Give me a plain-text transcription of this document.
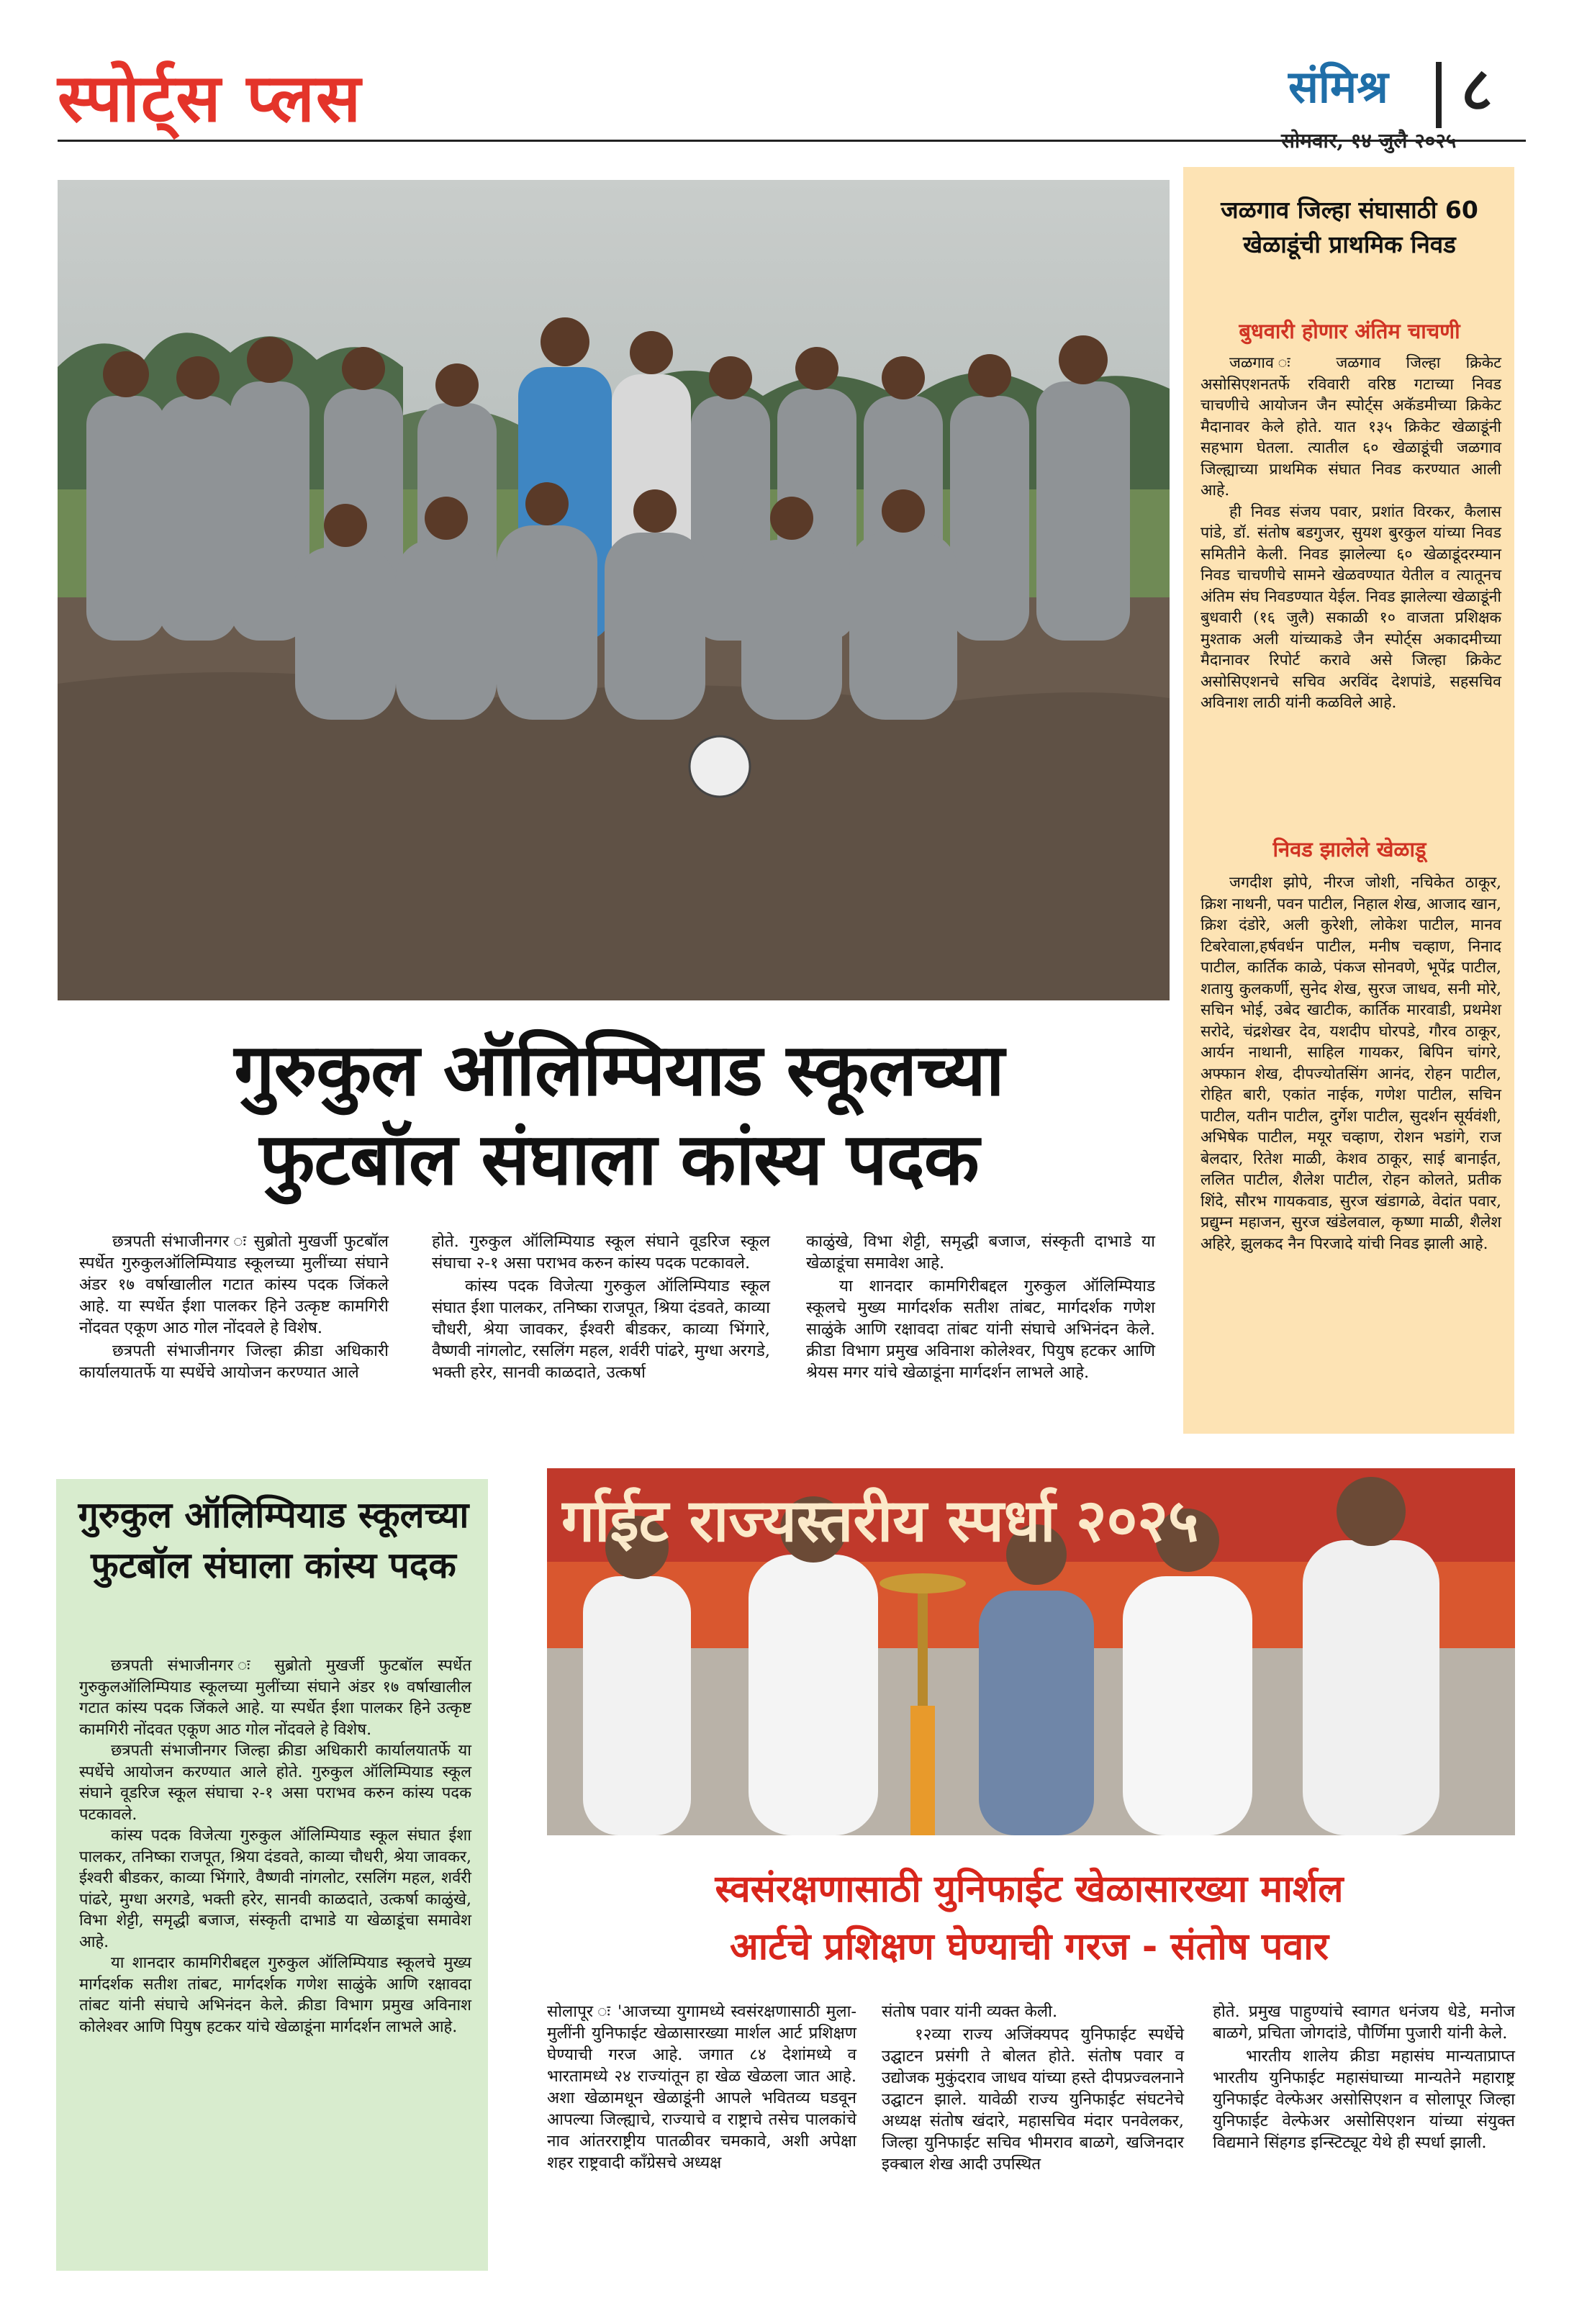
स्पोर्ट्‌स प्लस	संमिश्र ८
सोमवार, १४ जुलै २०२५
गुरुकुल ऑलिम्पियाड स्कूलच्या
फुटबॉल संघाला कांस्य पदक

छत्रपती संभाजीनगर ः सुब्रोतो मुखर्जी फुटबॉल स्पर्धेत गुरुकुलऑलिम्पियाड स्कूलच्या मुलींच्या संघाने अंडर १७ वर्षाखालील गटात कांस्य पदक जिंकले आहे. या स्पर्धेत ईशा पालकर हिने उत्कृष्ट कामगिरी नोंदवत एकूण आठ गोल नोंदवले हे विशेष.

छत्रपती संभाजीनगर जिल्हा क्रीडा अधिकारी कार्यालयातर्फे या स्पर्धेचे आयोजन करण्यात आले

होते. गुरुकुल ऑलिम्पियाड स्कूल संघाने वूडरिज स्कूल संघाचा २-१ असा पराभव करुन कांस्य पदक पटकावले.

कांस्य पदक विजेत्या गुरुकुल ऑलिम्पियाड स्कूल संघात ईशा पालकर, तनिष्का राजपूत, श्रिया दंडवते, काव्या चौधरी, श्रेया जावकर, ईश्वरी बीडकर, काव्या भिंगारे, वैष्णवी नांगलोट, रसलिंग महल, शर्वरी पांढरे, मुग्धा अरगडे, भक्ती हरेर, सानवी काळदाते, उत्कर्षा

काळुंखे, विभा शेट्टी, समृद्धी बजाज, संस्कृती दाभाडे या खेळाडूंचा समावेश आहे.

या शानदार कामगिरीबद्दल गुरुकुल ऑलिम्पियाड स्कूलचे मुख्य मार्गदर्शक सतीश तांबट, मार्गदर्शक गणेश साळुंके आणि रक्षावदा तांबट यांनी संघाचे अभिनंदन केले. क्रीडा विभाग प्रमुख अविनाश कोलेश्वर, पियुष हटकर आणि श्रेयस मगर यांचे खेळाडूंना मार्गदर्शन लाभले आहे.

जळगाव जिल्हा संघासाठी 60 खेळाडूंची प्राथमिक निवड
बुधवारी होणार अंतिम चाचणी

जळगाव ः जळगाव जिल्हा क्रिकेट असोसिएशनतर्फे रविवारी वरिष्ठ गटाच्या निवड चाचणीचे आयोजन जैन स्पोर्ट्स अकॅडमीच्या क्रिकेट मैदानावर केले होते. यात १३५ क्रिकेट खेळाडूंनी सहभाग घेतला. त्यातील ६० खेळाडूंची जळगाव जिल्ह्याच्या प्राथमिक संघात निवड करण्यात आली आहे.

ही निवड संजय पवार, प्रशांत विरकर, कैलास पांडे, डॉ. संतोष बडगुजर, सुयश बुरकुल यांच्या निवड समितीने केली. निवड झालेल्या ६० खेळाडूंदरम्यान निवड चाचणीचे सामने खेळवण्यात येतील व त्यातूनच अंतिम संघ निवडण्यात येईल. निवड झालेल्या खेळाडूंनी बुधवारी (१६ जुलै) सकाळी १० वाजता प्रशिक्षक मुश्ताक अली यांच्याकडे जैन स्पोर्ट्स अकादमीच्या मैदानावर रिपोर्ट करावे असे जिल्हा क्रिकेट असोसिएशनचे सचिव अरविंद देशपांडे, सहसचिव अविनाश लाठी यांनी कळविले आहे.

निवड झालेले खेळाडू

जगदीश झोपे, नीरज जोशी, नचिकेत ठाकूर, क्रिश नाथनी, पवन पाटील, निहाल शेख, आजाद खान, क्रिश दंडोरे, अली कुरेशी, लोकेश पाटील, मानव टिबरेवाला,हर्षवर्धन पाटील, मनीष चव्हाण, निनाद पाटील, कार्तिक काळे, पंकज सोनवणे, भूपेंद्र पाटील, शतायु कुलकर्णी, सुनेद शेख, सुरज जाधव, सनी मोरे, सचिन भोई, उबेद खाटीक, कार्तिक मारवाडी, प्रथमेश सरोदे, चंद्रशेखर देव, यशदीप घोरपडे, गौरव ठाकूर, आर्यन नाथानी, साहिल गायकर, बिपिन चांगरे, अफ्फान शेख, दीपज्योतसिंग आनंद, रोहन पाटील, रोहित बारी, एकांत नाईक, गणेश पाटील, सचिन पाटील, यतीन पाटील, दुर्गेश पाटील, सुदर्शन सूर्यवंशी, अभिषेक पाटील, मयूर चव्हाण, रोशन भडांगे, राज बेलदार, रितेश माळी, केशव ठाकूर, साई बानाईत, ललित पाटील, शैलेश पाटील, रोहन कोलते, प्रतीक शिंदे, सौरभ गायकवाड, सुरज खंडागळे, वेदांत पवार, प्रद्युम्न महाजन, सुरज खंडेलवाल, कृष्णा माळी, शैलेश अहिरे, झुलकद नैन पिरजादे यांची निवड झाली आहे.

गुरुकुल ऑलिम्पियाड स्कूलच्या फुटबॉल संघाला कांस्य पदक

छत्रपती संभाजीनगर ः सुब्रोतो मुखर्जी फुटबॉल स्पर्धेत गुरुकुलऑलिम्पियाड स्कूलच्या मुलींच्या संघाने अंडर १७ वर्षाखालील गटात कांस्य पदक जिंकले आहे. या स्पर्धेत ईशा पालकर हिने उत्कृष्ट कामगिरी नोंदवत एकूण आठ गोल नोंदवले हे विशेष.

छत्रपती संभाजीनगर जिल्हा क्रीडा अधिकारी कार्यालयातर्फे या स्पर्धेचे आयोजन करण्यात आले होते. गुरुकुल ऑलिम्पियाड स्कूल संघाने वूडरिज स्कूल संघाचा २-१ असा पराभव करुन कांस्य पदक पटकावले.

कांस्य पदक विजेत्या गुरुकुल ऑलिम्पियाड स्कूल संघात ईशा पालकर, तनिष्का राजपूत, श्रिया दंडवते, काव्या चौधरी, श्रेया जावकर, ईश्वरी बीडकर, काव्या भिंगारे, वैष्णवी नांगलोट, रसलिंग महल, शर्वरी पांढरे, मुग्धा अरगडे, भक्ती हरेर, सानवी काळदाते, उत्कर्षा काळुंखे, विभा शेट्टी, समृद्धी बजाज, संस्कृती दाभाडे या खेळाडूंचा समावेश आहे.

या शानदार कामगिरीबद्दल गुरुकुल ऑलिम्पियाड स्कूलचे मुख्य मार्गदर्शक सतीश तांबट, मार्गदर्शक गणेश साळुंके आणि रक्षावदा तांबट यांनी संघाचे अभिनंदन केले. क्रीडा विभाग प्रमुख अविनाश कोलेश्वर आणि पियुष हटकर यांचे खेळाडूंना मार्गदर्शन लाभले आहे.

र्गाईट राज्यस्तरीय स्पर्धा २०२५
स्वसंरक्षणासाठी युनिफाईट खेळासारख्या मार्शल
आर्टचे प्रशिक्षण घेण्याची गरज - संतोष पवार

सोलापूर ः 'आजच्या युगामध्ये स्वसंरक्षणासाठी मुला-मुलींनी युनिफाईट खेळासारख्या मार्शल आर्ट प्रशिक्षण घेण्याची गरज आहे. जगात ८४ देशांमध्ये व भारतामध्ये २४ राज्यांतून हा खेळ खेळला जात आहे. अशा खेळामधून खेळाडूंनी आपले भवितव्य घडवून आपल्या जिल्ह्याचे, राज्याचे व राष्ट्राचे तसेच पालकांचे नाव आंतरराष्ट्रीय पातळीवर चमकावे, अशी अपेक्षा शहर राष्ट्रवादी काँग्रेसचे अध्यक्ष

संतोष पवार यांनी व्यक्त केली.

१२व्या राज्य अजिंक्यपद युनिफाईट स्पर्धेचे उद्घाटन प्रसंगी ते बोलत होते. संतोष पवार व उद्योजक मुकुंदराव जाधव यांच्या हस्ते दीपप्रज्वलनाने उद्घाटन झाले. यावेळी राज्य युनिफाईट संघटनेचे अध्यक्ष संतोष खंदारे, महासचिव मंदार पनवेलकर, जिल्हा युनिफाईट सचिव भीमराव बाळगे, खजिनदार इक्बाल शेख आदी उपस्थित

होते. प्रमुख पाहुण्यांचे स्वागत धनंजय धेडे, मनोज बाळगे, प्रचिता जोगदांडे, पौर्णिमा पुजारी यांनी केले.

भारतीय शालेय क्रीडा महासंघ मान्यताप्राप्त भारतीय युनिफाईट महासंघाच्या मान्यतेने महाराष्ट्र युनिफाईट वेल्फेअर असोसिएशन व सोलापूर जिल्हा युनिफाईट वेल्फेअर असोसिएशन यांच्या संयुक्त विद्यमाने सिंहगड इन्स्टिट्यूट येथे ही स्पर्धा झाली.
